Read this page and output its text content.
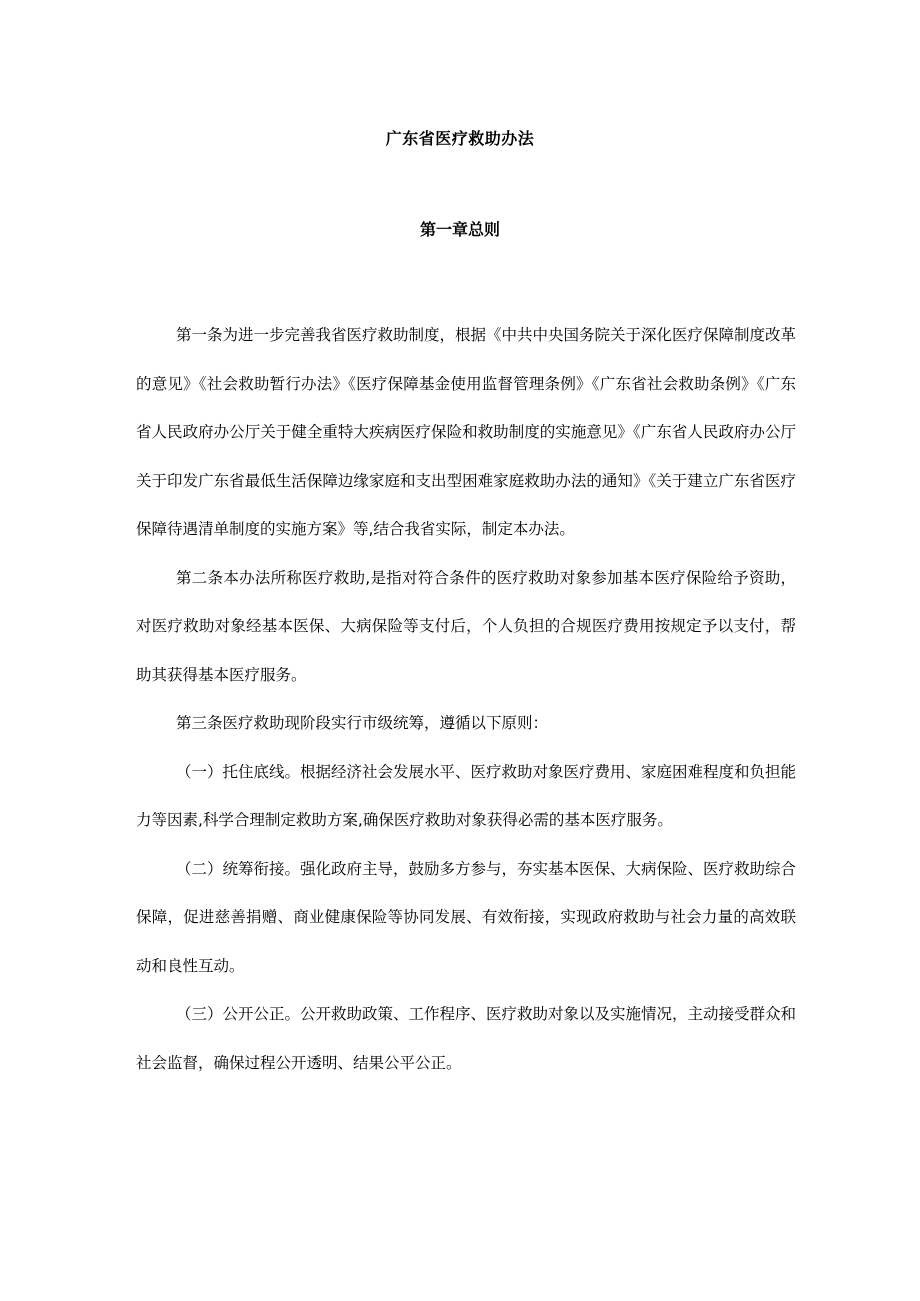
广东省医疗救助办法
第一章总则

第一条为进一步完善我省医疗救助制度，根据《中共中央国务院关于深化医疗保障制度改革的意见》《社会救助暂行办法》《医疗保障基金使用监督管理条例》《广东省社会救助条例》《广东省人民政府办公厅关于健全重特大疾病医疗保险和救助制度的实施意见》《广东省人民政府办公厅关于印发广东省最低生活保障边缘家庭和支出型困难家庭救助办法的通知》《关于建立广东省医疗保障待遇清单制度的实施方案》等,结合我省实际，制定本办法。

第二条本办法所称医疗救助,是指对符合条件的医疗救助对象参加基本医疗保险给予资助，对医疗救助对象经基本医保、大病保险等支付后，个人负担的合规医疗费用按规定予以支付，帮助其获得基本医疗服务。

第三条医疗救助现阶段实行市级统筹，遵循以下原则：

（一）托住底线。根据经济社会发展水平、医疗救助对象医疗费用、家庭困难程度和负担能力等因素,科学合理制定救助方案,确保医疗救助对象获得必需的基本医疗服务。

（二）统筹衔接。强化政府主导，鼓励多方参与，夯实基本医保、大病保险、医疗救助综合保障，促进慈善捐赠、商业健康保险等协同发展、有效衔接，实现政府救助与社会力量的高效联动和良性互动。

（三）公开公正。公开救助政策、工作程序、医疗救助对象以及实施情况，主动接受群众和社会监督，确保过程公开透明、结果公平公正。
